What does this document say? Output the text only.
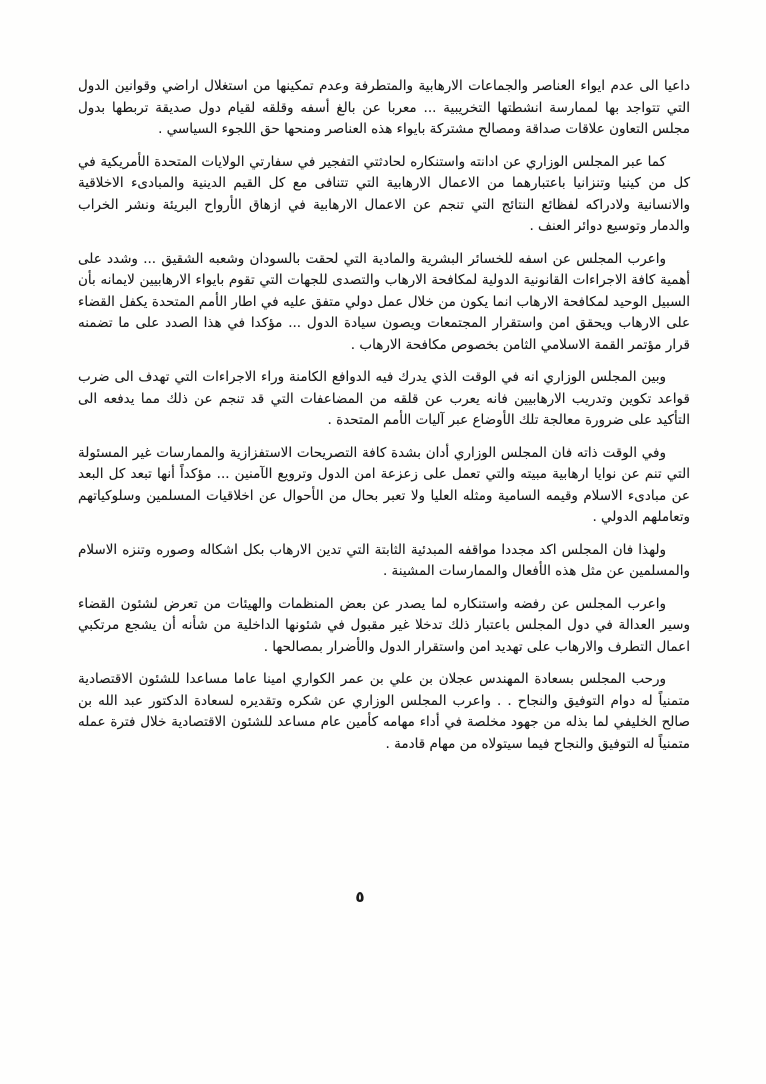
داعيا الى عدم ايواء العناصر والجماعات الارهابية والمتطرفة وعدم تمكينها من استغلال اراضي وقوانين الدول التي تتواجد بها لممارسة انشطتها التخريبية ... معربا عن بالغ أسفه وقلقه لقيام دول صديقة تربطها بدول مجلس التعاون علاقات صداقة ومصالح مشتركة بايواء هذه العناصر ومنحها حق اللجوء السياسي .

كما عبر المجلس الوزاري عن ادانته واستنكاره لحادثتي التفجير في سفارتي الولايات المتحدة الأمريكية في كل من كينيا وتنزانيا باعتبارهما من الاعمال الارهابية التي تتنافى مع كل القيم الدينية والمبادىء الاخلاقية والانسانية ولادراكه لفظائع النتائج التي تنجم عن الاعمال الارهابية في ازهاق الأرواح البريئة ونشر الخراب والدمار وتوسيع دوائر العنف .

واعرب المجلس عن اسفه للخسائر البشرية والمادية التي لحقت بالسودان وشعبه الشقيق ... وشدد على أهمية كافة الاجراءات القانونية الدولية لمكافحة الارهاب والتصدى للجهات التي تقوم بايواء الارهابيين لايمانه بأن السبيل الوحيد لمكافحة الارهاب انما يكون من خلال عمل دولي متفق عليه في اطار الأمم المتحدة يكفل القضاء على الارهاب ويحقق امن واستقرار المجتمعات ويصون سيادة الدول ... مؤكدا في هذا الصدد على ما تضمنه قرار مؤتمر القمة الاسلامي الثامن بخصوص مكافحة الارهاب .

وبين المجلس الوزاري انه في الوقت الذي يدرك فيه الدوافع الكامنة وراء الاجراءات التي تهدف الى ضرب قواعد تكوين وتدريب الارهابيين فانه يعرب عن قلقه من المضاعفات التي قد تنجم عن ذلك مما يدفعه الى التأكيد على ضرورة معالجة تلك الأوضاع عبر آليات الأمم المتحدة .

وفي الوقت ذاته فان المجلس الوزاري أدان بشدة كافة التصريحات الاستفزازية والممارسات غير المسئولة التي تنم عن نوايا ارهابية مبيته والتي تعمل على زعزعة امن الدول وترويع الآمنين ... مؤكداً أنها تبعد كل البعد عن مبادىء الاسلام وقيمه السامية ومثله العليا ولا تعبر بحال من الأحوال عن اخلاقيات المسلمين وسلوكياتهم وتعاملهم الدولي .

ولهذا فان المجلس اكد مجددا مواقفه المبدئية الثابتة التي تدين الارهاب بكل اشكاله وصوره وتنزه الاسلام والمسلمين عن مثل هذه الأفعال والممارسات المشينة .

واعرب المجلس عن رفضه واستنكاره لما يصدر عن بعض المنظمات والهيئات من تعرض لشئون القضاء وسير العدالة في دول المجلس باعتبار ذلك تدخلا غير مقبول في شئونها الداخلية من شأنه أن يشجع مرتكبي اعمال التطرف والارهاب على تهديد امن واستقرار الدول والأضرار بمصالحها .

ورحب المجلس بسعادة المهندس عجلان بن علي بن عمر الكواري امينا عاما مساعدا للشئون الاقتصادية متمنياً له دوام التوفيق والنجاح . . واعرب المجلس الوزاري عن شكره وتقديره لسعادة الدكتور عبد الله بن صالح الخليفي لما بذله من جهود مخلصة في أداء مهامه كأمين عام مساعد للشئون الاقتصادية خلال فترة عمله متمنياً له التوفيق والنجاح فيما سيتولاه من مهام قادمة .

٥
